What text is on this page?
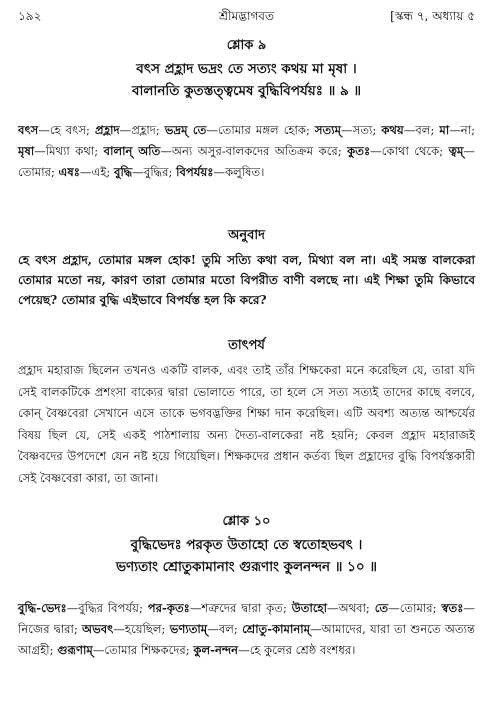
১৯২	শ্রীমদ্ভাগবত	[স্কন্ধ ৭, অধ্যায় ৫
শ্লোক ৯
বৎস প্রহ্লাদ ভদ্রং তে সত্যং কথয় মা মৃষা ।
বালানতি কুতস্তত্ত্বমেষ বুদ্ধিবিপর্যয়ঃ ॥ ৯ ॥
বৎস—হে বৎস; প্রহ্লাদ—প্রহ্লাদ; ভদ্রম্‌ তে—তোমার মঙ্গল হোক; সত্যম্‌—সত্য; কথয়—বল; মা—না; মৃষা—মিথ্যা কথা; বালান্‌ অতি—অন্য অসুর-বালকদের অতিক্রম করে; কুতঃ—কোথা থেকে; ত্বম্‌—তোমার; এষঃ—এই; বুদ্ধি—বুদ্ধির; বিপর্যয়ঃ—কলুষিত।
অনুবাদ
হে বৎস প্রহ্লাদ, তোমার মঙ্গল হোক! তুমি সত্যি কথা বল, মিথ্যা বল না। এই সমস্ত বালকেরা তোমার মতো নয়, কারণ তারা তোমার মতো বিপরীত বাণী বলছে না। এই শিক্ষা তুমি কিভাবে পেয়েছ? তোমার বুদ্ধি এইভাবে বিপর্যস্ত হল কি করে?
তাৎপর্য
প্রহ্লাদ মহারাজ ছিলেন তখনও একটি বালক, এবং তাই তাঁর শিক্ষকেরা মনে করেছিল যে, তারা যদি সেই বালকটিকে প্রশংসা বাক্যের দ্বারা ভোলাতে পারে, তা হলে সে সত্য সত্যই তাদের কাছে বলবে, কোন্‌ বৈষ্ণবেরা সেখানে এসে তাকে ভগবদ্ভক্তির শিক্ষা দান করেছিল। এটি অবশ্য অত্যন্ত আশ্চর্যের বিষয় ছিল যে, সেই একই পাঠশালায় অন্য দৈত্য-বালকেরা নষ্ট হয়নি; কেবল প্রহ্লাদ মহারাজই বৈষ্ণবদের উপদেশে যেন নষ্ট হয়ে গিয়েছিল। শিক্ষকদের প্রধান কর্তব্য ছিল প্রহ্লাদের বুদ্ধি বিপর্যস্তকারী সেই বৈষ্ণবেরা কারা, তা জানা।
শ্লোক ১০
বুদ্ধিভেদঃ পরকৃত উতাহো তে স্বতোহভবৎ ।
ভণ্যতাং শ্রোতুকামানাং গুরূণাং কুলনন্দন ॥ ১০ ॥
বুদ্ধি-ভেদঃ—বুদ্ধির বিপর্যয়; পর-কৃতঃ—শত্রুদের দ্বারা কৃত; উতাহো—অথবা; তে—তোমার; স্বতঃ—নিজের দ্বারা; অভবৎ—হয়েছিল; ভণ্যতাম্‌—বল; শ্রোতু-কামানাম্‌—আমাদের, যারা তা শুনতে অত্যন্ত আগ্রহী; গুরূণাম্‌—তোমার শিক্ষকদের; কুল-নন্দন—হে কুলের শ্রেষ্ঠ বংশধর।
